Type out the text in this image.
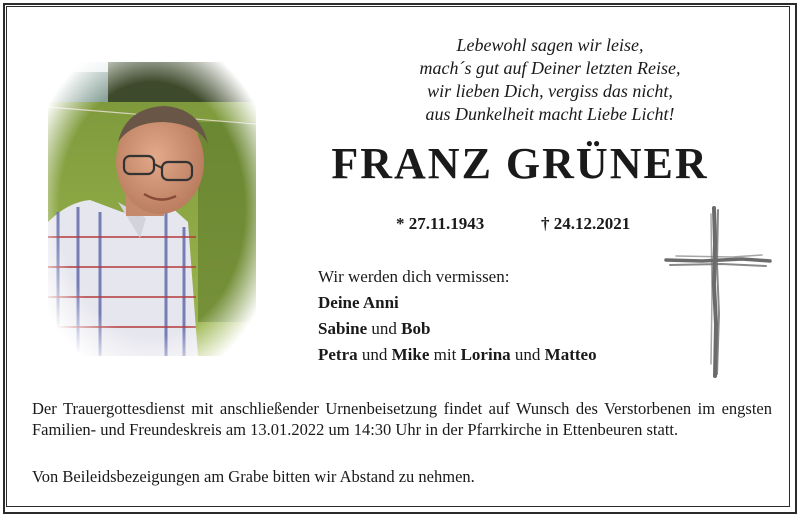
Lebewohl sagen wir leise,
mach´s gut auf Deiner letzten Reise,
wir lieben Dich, vergiss das nicht,
aus Dunkelheit macht Liebe Licht!
FRANZ GRÜNER
* 27.11.1943	† 24.12.2021
Wir werden dich vermissen:
Deine Anni
Sabine und Bob
Petra und Mike mit Lorina und Matteo
Der Trauergottesdienst mit anschließender Urnenbeisetzung findet auf Wunsch des Verstorbenen im engsten Familien- und Freundeskreis am 13.01.2022 um 14:30 Uhr in der Pfarrkirche in Ettenbeuren statt.
Von Beileidsbezeigungen am Grabe bitten wir Abstand zu nehmen.
